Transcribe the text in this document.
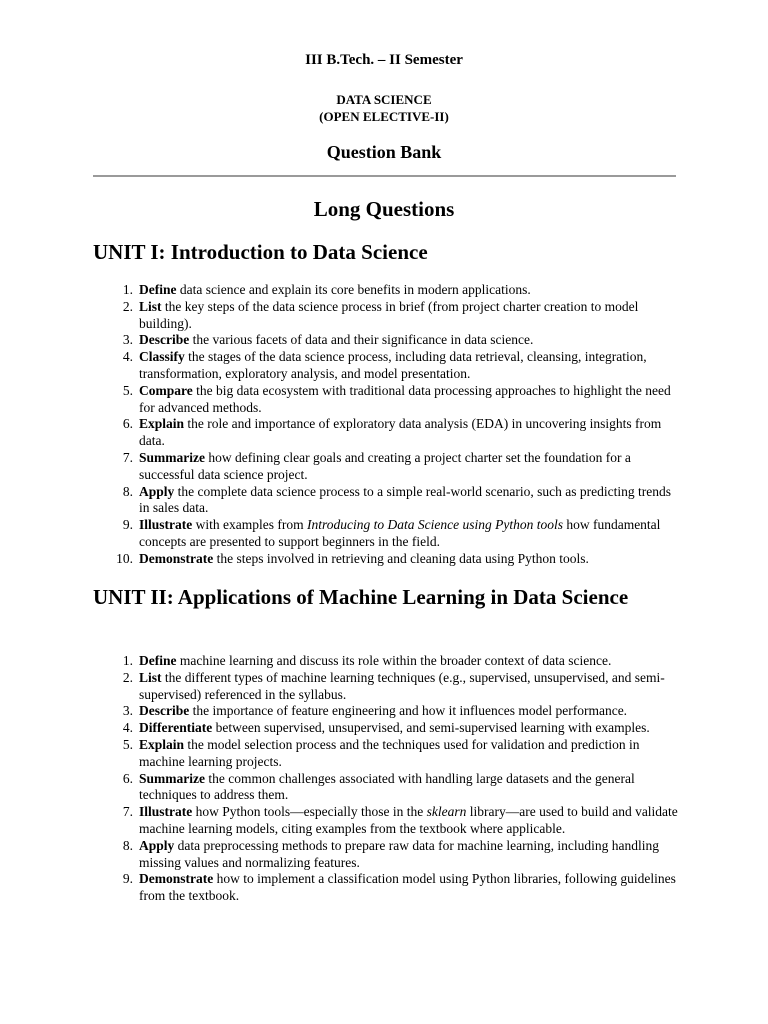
III B.Tech. – II Semester

DATA SCIENCE
(OPEN ELECTIVE-II)

Question Bank

Long Questions

UNIT I: Introduction to Data Science
1. Define data science and explain its core benefits in modern applications.
2. List the key steps of the data science process in brief (from project charter creation to model building).
3. Describe the various facets of data and their significance in data science.
4. Classify the stages of the data science process, including data retrieval, cleansing, integration, transformation, exploratory analysis, and model presentation.
5. Compare the big data ecosystem with traditional data processing approaches to highlight the need for advanced methods.
6. Explain the role and importance of exploratory data analysis (EDA) in uncovering insights from data.
7. Summarize how defining clear goals and creating a project charter set the foundation for a successful data science project.
8. Apply the complete data science process to a simple real-world scenario, such as predicting trends in sales data.
9. Illustrate with examples from Introducing to Data Science using Python tools how fundamental concepts are presented to support beginners in the field.
10. Demonstrate the steps involved in retrieving and cleaning data using Python tools.
UNIT II: Applications of Machine Learning in Data Science
1. Define machine learning and discuss its role within the broader context of data science.
2. List the different types of machine learning techniques (e.g., supervised, unsupervised, and semi-supervised) referenced in the syllabus.
3. Describe the importance of feature engineering and how it influences model performance.
4. Differentiate between supervised, unsupervised, and semi-supervised learning with examples.
5. Explain the model selection process and the techniques used for validation and prediction in machine learning projects.
6. Summarize the common challenges associated with handling large datasets and the general techniques to address them.
7. Illustrate how Python tools—especially those in the sklearn library—are used to build and validate machine learning models, citing examples from the textbook where applicable.
8. Apply data preprocessing methods to prepare raw data for machine learning, including handling missing values and normalizing features.
9. Demonstrate how to implement a classification model using Python libraries, following guidelines from the textbook.
